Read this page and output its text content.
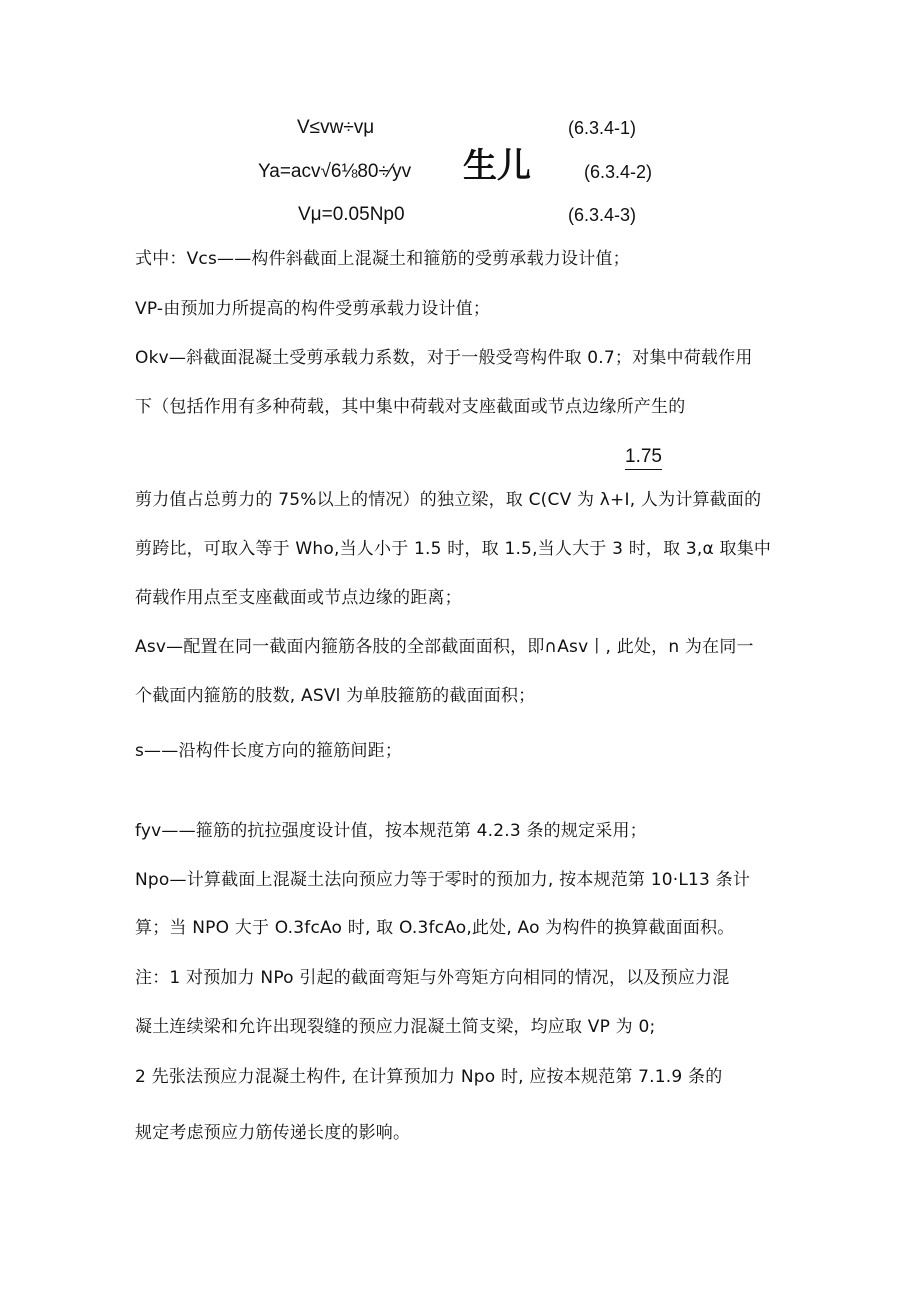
V≤vw÷vμ	(6.3.4-1)
Ya=acv√6⅛80÷⁄yv 生儿	(6.3.4-2)
Vμ=0.05Np0	(6.3.4-3)
式中：Vcs——构件斜截面上混凝土和箍筋的受剪承载力设计值；
VP-由预加力所提高的构件受剪承载力设计值；
Okv—斜截面混凝土受剪承载力系数，对于一般受弯构件取 0.7；对集中荷载作用
下（包括作用有多种荷载，其中集中荷载对支座截面或节点边缘所产生的
1.75
剪力值占总剪力的 75%以上的情况）的独立梁，取 C(CV 为 λ+I, 人为计算截面的
剪跨比，可取入等于 Who,当人小于 1.5 时，取 1.5,当人大于 3 时，取 3,α 取集中
荷载作用点至支座截面或节点边缘的距离；
Asv—配置在同一截面内箍筋各肢的全部截面面积，即∩Asv丨, 此处，n 为在同一
个截面内箍筋的肢数, ASVl 为单肢箍筋的截面面积；
s——沿构件长度方向的箍筋间距；
fyv——箍筋的抗拉强度设计值，按本规范第 4.2.3 条的规定采用；
Npo—计算截面上混凝土法向预应力等于零时的预加力, 按本规范第 10·L13 条计
算；当 NPO 大于 O.3fcAo 时, 取 O.3fcAo,此处, Ao 为构件的换算截面面积。
注：1 对预加力 NPo 引起的截面弯矩与外弯矩方向相同的情况，以及预应力混
凝土连续梁和允许出现裂缝的预应力混凝土简支梁，均应取 VP 为 0;
2 先张法预应力混凝土构件, 在计算预加力 Npo 时, 应按本规范第 7.1.9 条的
规定考虑预应力筋传递长度的影响。
